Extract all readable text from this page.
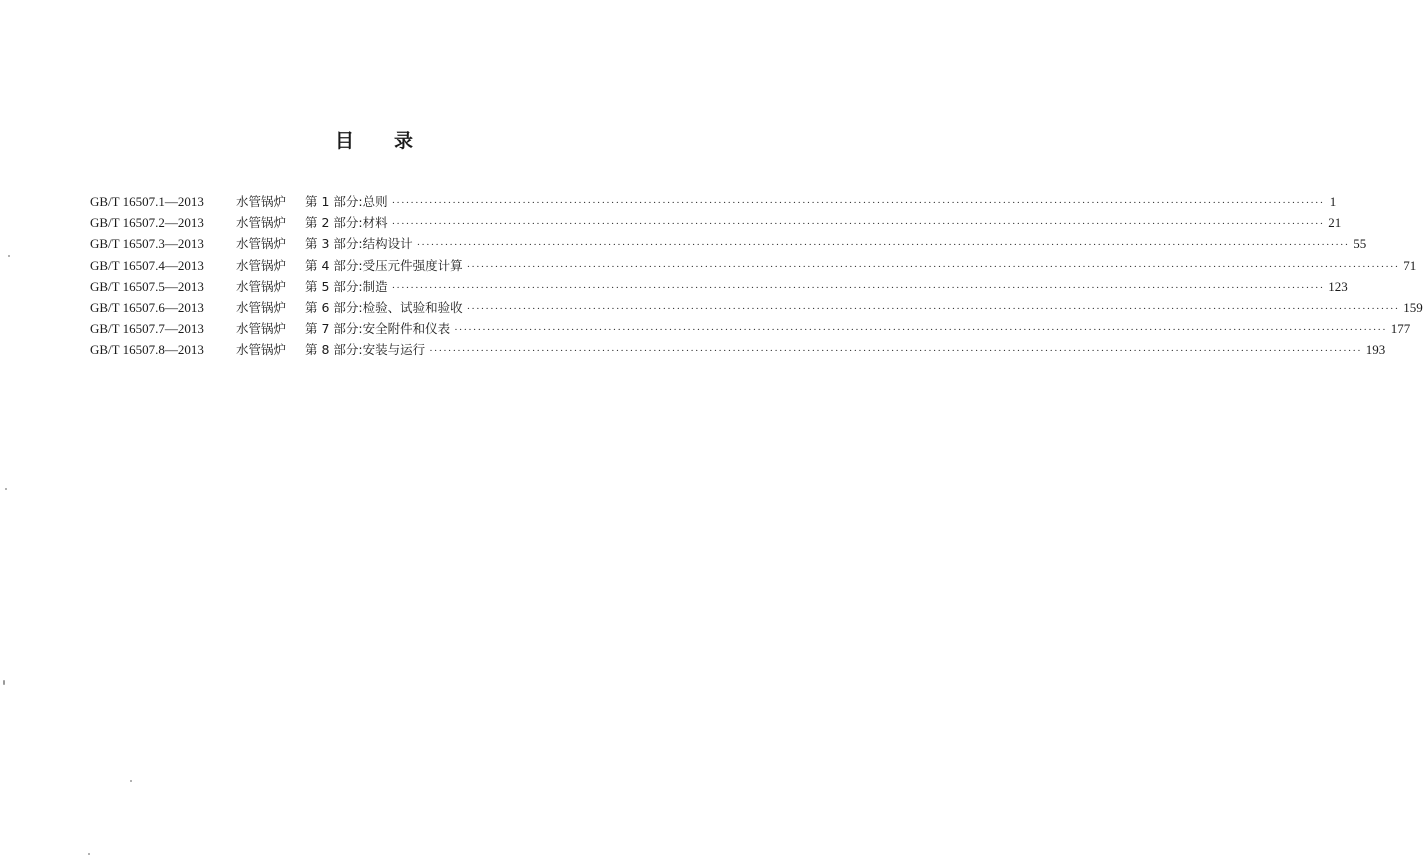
目 录
GB/T 16507.1—2013	水管锅炉	第 1 部分:总则 ········································································································································································································ 1
GB/T 16507.2—2013	水管锅炉	第 2 部分:材料 ········································································································································································································ 21
GB/T 16507.3—2013	水管锅炉	第 3 部分:结构设计 ········································································································································································································ 55
GB/T 16507.4—2013	水管锅炉	第 4 部分:受压元件强度计算 ········································································································································································································ 71
GB/T 16507.5—2013	水管锅炉	第 5 部分:制造 ········································································································································································································ 123
GB/T 16507.6—2013	水管锅炉	第 6 部分:检验、试验和验收 ········································································································································································································ 159
GB/T 16507.7—2013	水管锅炉	第 7 部分:安全附件和仪表 ········································································································································································································ 177
GB/T 16507.8—2013	水管锅炉	第 8 部分:安装与运行 ········································································································································································································ 193
